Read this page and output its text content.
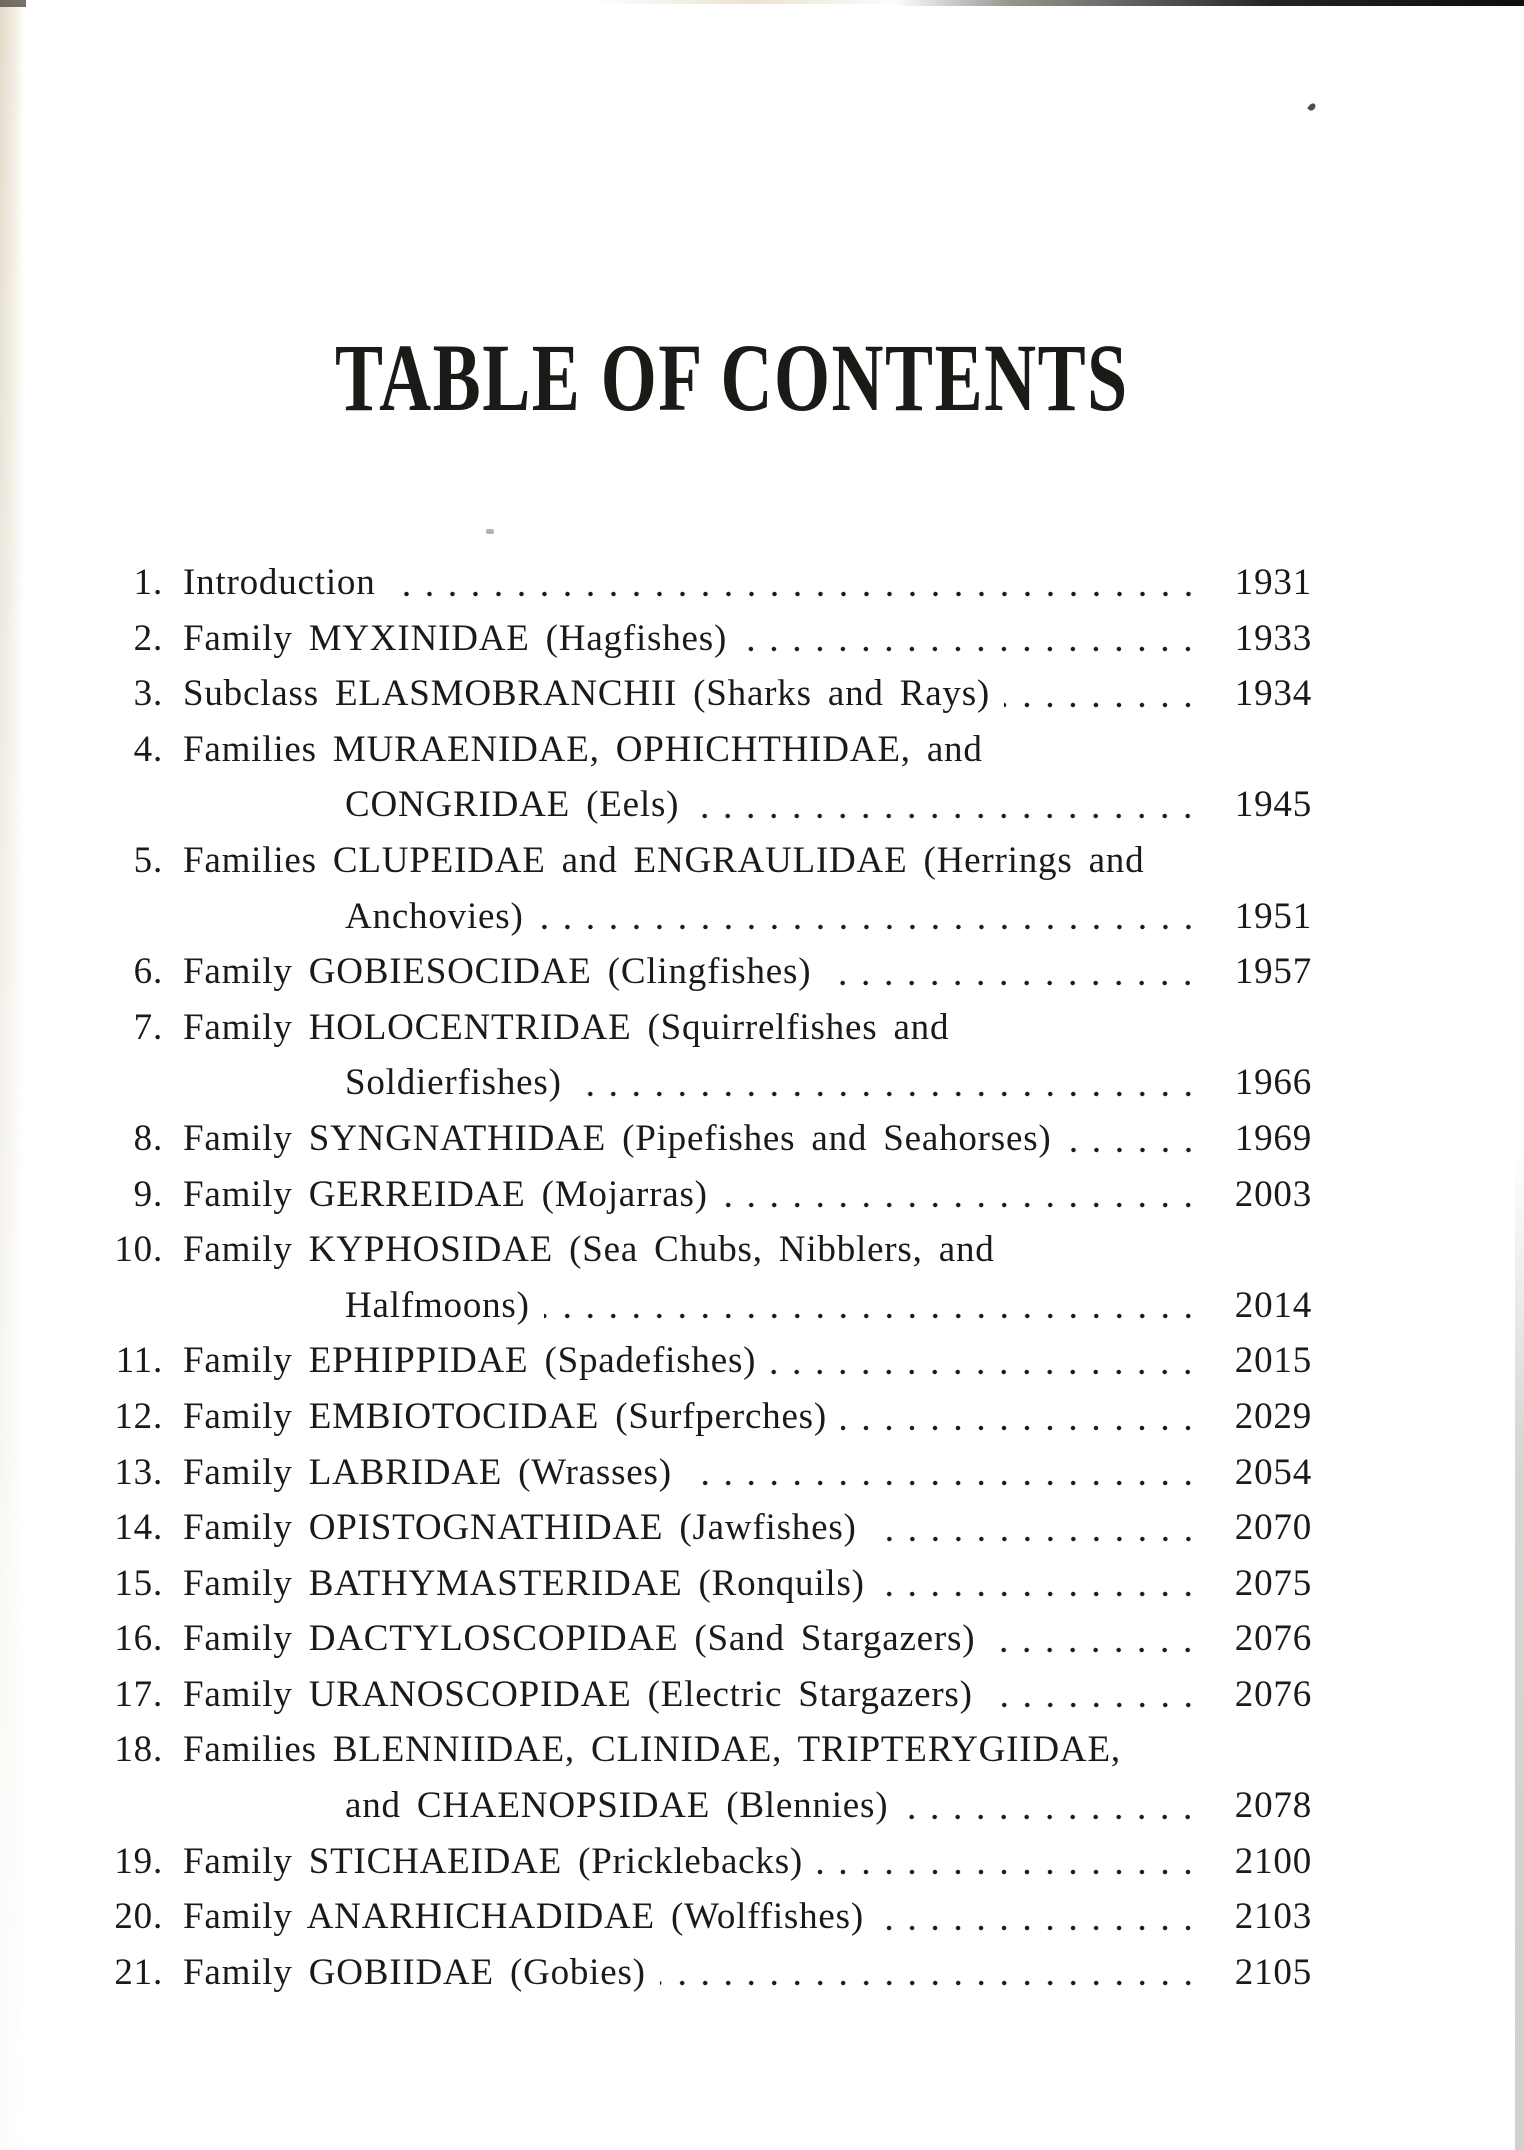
TABLE OF CONTENTS
1. Introduction	1931
2. Family MYXINIDAE (Hagfishes)	1933
3. Subclass ELASMOBRANCHII (Sharks and Rays)	1934
4. Families MURAENIDAE, OPHICHTHIDAE, and
CONGRIDAE (Eels)	1945
5. Families CLUPEIDAE and ENGRAULIDAE (Herrings and
Anchovies)	1951
6. Family GOBIESOCIDAE (Clingfishes)	1957
7. Family HOLOCENTRIDAE (Squirrelfishes and
Soldierfishes)	1966
8. Family SYNGNATHIDAE (Pipefishes and Seahorses)	1969
9. Family GERREIDAE (Mojarras)	2003
10. Family KYPHOSIDAE (Sea Chubs, Nibblers, and
Halfmoons)	2014
11. Family EPHIPPIDAE (Spadefishes)	2015
12. Family EMBIOTOCIDAE (Surfperches)	2029
13. Family LABRIDAE (Wrasses)	2054
14. Family OPISTOGNATHIDAE (Jawfishes)	2070
15. Family BATHYMASTERIDAE (Ronquils)	2075
16. Family DACTYLOSCOPIDAE (Sand Stargazers)	2076
17. Family URANOSCOPIDAE (Electric Stargazers)	2076
18. Families BLENNIIDAE, CLINIDAE, TRIPTERYGIIDAE,
and CHAENOPSIDAE (Blennies)	2078
19. Family STICHAEIDAE (Pricklebacks)	2100
20. Family ANARHICHADIDAE (Wolffishes)	2103
21. Family GOBIIDAE (Gobies)	2105
